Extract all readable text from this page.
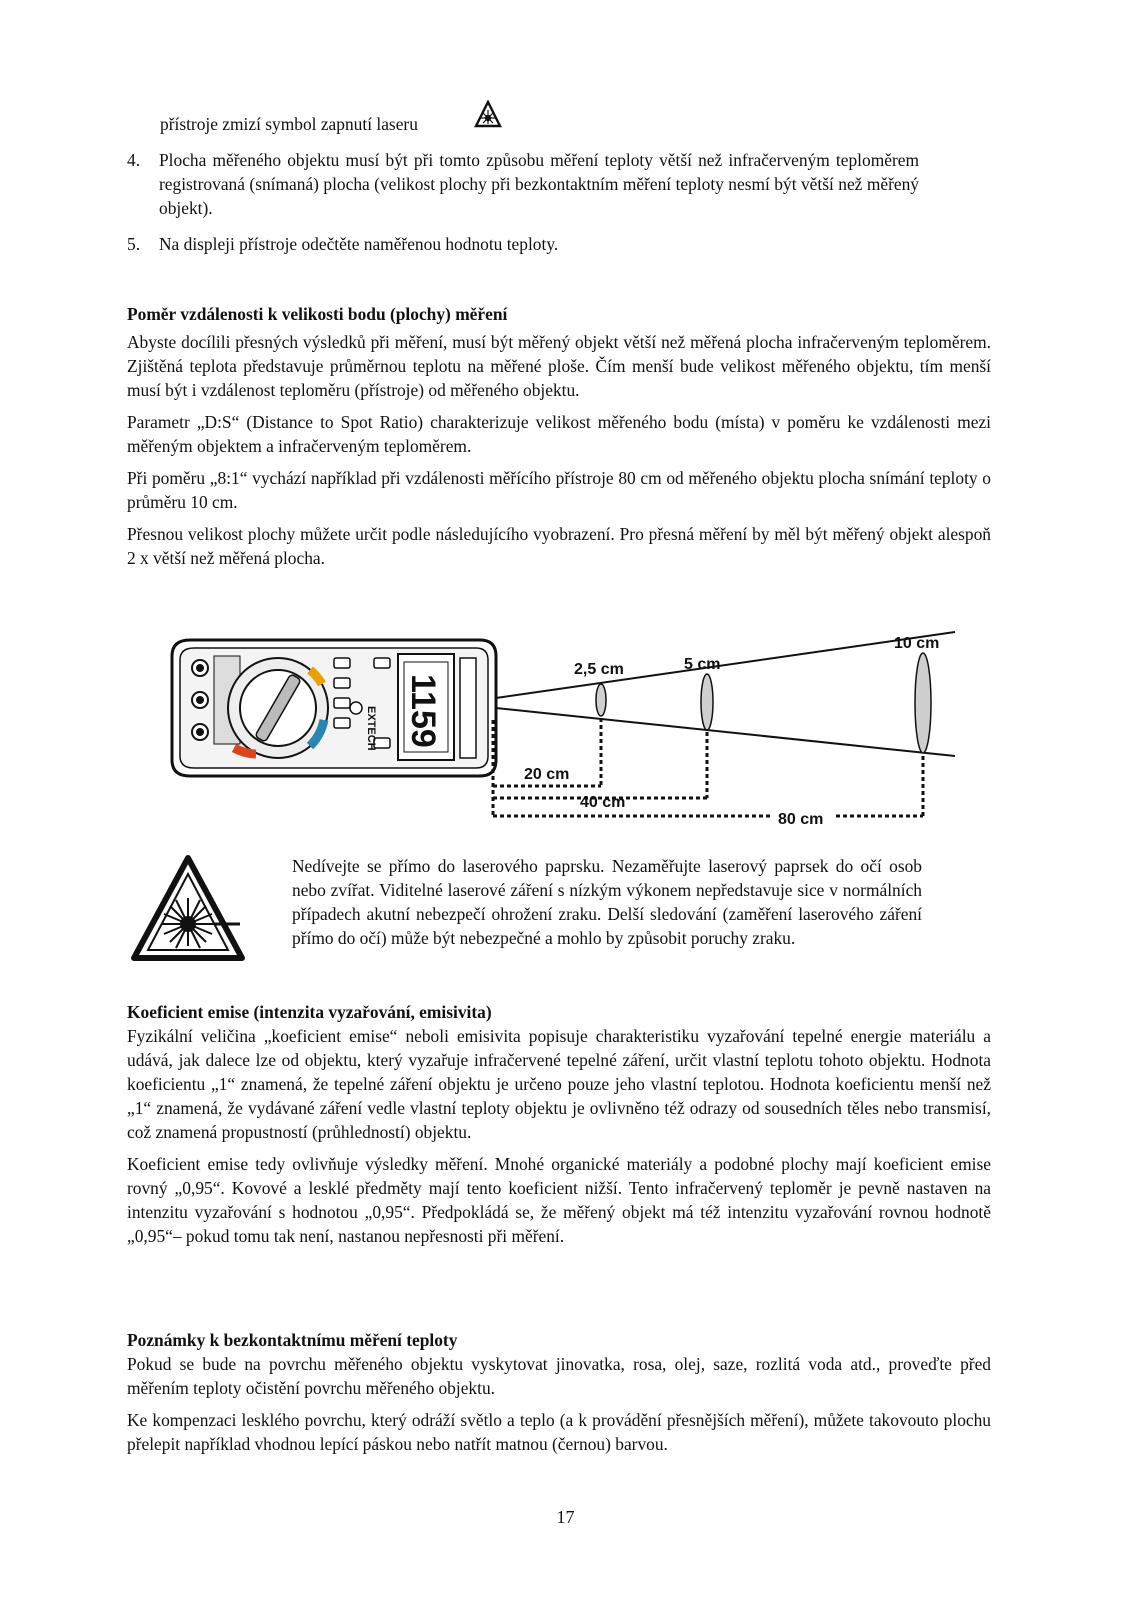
přístroje zmizí symbol zapnutí laseru
4. Plocha měřeného objektu musí být při tomto způsobu měření teploty větší než infračerveným teploměrem registrovaná (snímaná) plocha (velikost plochy při bezkontaktním měření teploty nesmí být větší než měřený objekt).

5. Na displeji přístroje odečtěte naměřenou hodnotu teploty.

Poměr vzdálenosti k velikosti bodu (plochy) měření

Abyste docílili přesných výsledků při měření, musí být měřený objekt větší než měřená plocha infračerveným teploměrem. Zjištěná teplota představuje průměrnou teplotu na měřené ploše. Čím menší bude velikost měřeného objektu, tím menší musí být i vzdálenost teploměru (přístroje) od měřeného objektu.

Parametr „D:S“ (Distance to Spot Ratio) charakterizuje velikost měřeného bodu (místa) v poměru ke vzdálenosti mezi měřeným objektem a infračerveným teploměrem.

Při poměru „8:1“ vychází například při vzdálenosti měřícího přístroje 80 cm od měřeného objektu plocha snímání teploty o průměru 10 cm.

Přesnou velikost plochy můžete určit podle následujícího vyobrazení. Pro přesná měření by měl být měřený objekt alespoň 2 x větší než měřená plocha.

EXTECH 1159
2,5 cm	5 cm
10 cm
20 cm
40 cm
80 cm

Nedívejte se přímo do laserového paprsku. Nezaměřujte laserový paprsek do očí osob nebo zvířat. Viditelné laserové záření s nízkým výkonem nepředstavuje sice v normálních případech akutní nebezpečí ohrožení zraku. Delší sledování (zaměření laserového záření přímo do očí) může být nebezpečné a mohlo by způsobit poruchy zraku.

Koeficient emise (intenzita vyzařování, emisivita)

Fyzikální veličina „koeficient emise“ neboli emisivita popisuje charakteristiku vyzařování tepelné energie materiálu a udává, jak dalece lze od objektu, který vyzařuje infračervené tepelné záření, určit vlastní teplotu tohoto objektu. Hodnota koeficientu „1“ znamená, že tepelné záření objektu je určeno pouze jeho vlastní teplotou. Hodnota koeficientu menší než „1“ znamená, že vydávané záření vedle vlastní teploty objektu je ovlivněno též odrazy od sousedních těles nebo transmisí, což znamená propustností (průhledností) objektu.

Koeficient emise tedy ovlivňuje výsledky měření. Mnohé organické materiály a podobné plochy mají koeficient emise rovný „0,95“. Kovové a lesklé předměty mají tento koeficient nižší. Tento infračervený teploměr je pevně nastaven na intenzitu vyzařování s hodnotou „0,95“. Předpokládá se, že měřený objekt má též intenzitu vyzařování rovnou hodnotě „0,95“– pokud tomu tak není, nastanou nepřesnosti při měření.

Poznámky k bezkontaktnímu měření teploty

Pokud se bude na povrchu měřeného objektu vyskytovat jinovatka, rosa, olej, saze, rozlitá voda atd., proveďte před měřením teploty očistění povrchu měřeného objektu.

Ke kompenzaci lesklého povrchu, který odráží světlo a teplo (a k provádění přesnějších měření), můžete takovouto plochu přelepit například vhodnou lepící páskou nebo natřít matnou (černou) barvou.

17
